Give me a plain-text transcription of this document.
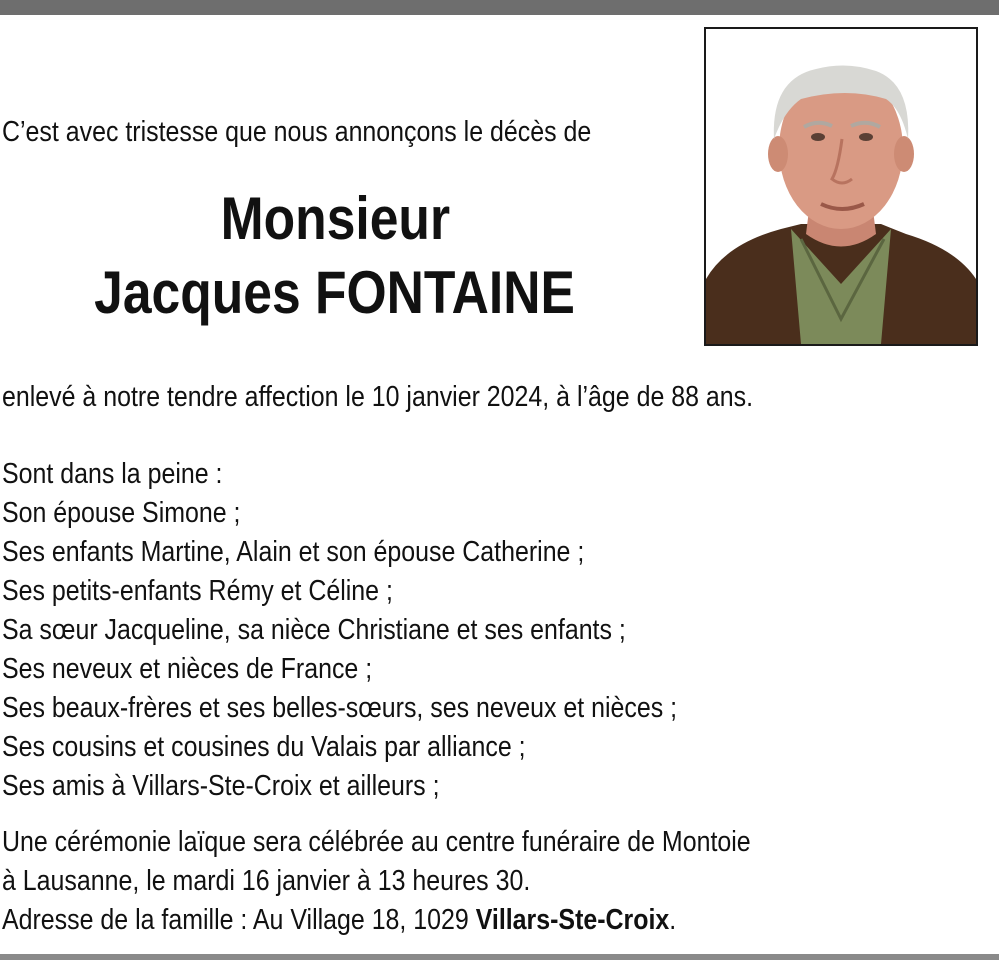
C’est avec tristesse que nous annonçons le décès de
Monsieur
Jacques FONTAINE
enlevé à notre tendre affection le 10 janvier 2024, à l’âge de 88 ans.
Sont dans la peine :
Son épouse Simone ;
Ses enfants Martine, Alain et son épouse Catherine ;
Ses petits-enfants Rémy et Céline ;
Sa sœur Jacqueline, sa nièce Christiane et ses enfants ;
Ses neveux et nièces de France ;
Ses beaux-frères et ses belles-sœurs, ses neveux et nièces ;
Ses cousins et cousines du Valais par alliance ;
Ses amis à Villars-Ste-Croix et ailleurs ;
Une cérémonie laïque sera célébrée au centre funéraire de Montoie
à Lausanne, le mardi 16 janvier à 13 heures 30.
Adresse de la famille : Au Village 18, 1029 Villars-Ste-Croix.
